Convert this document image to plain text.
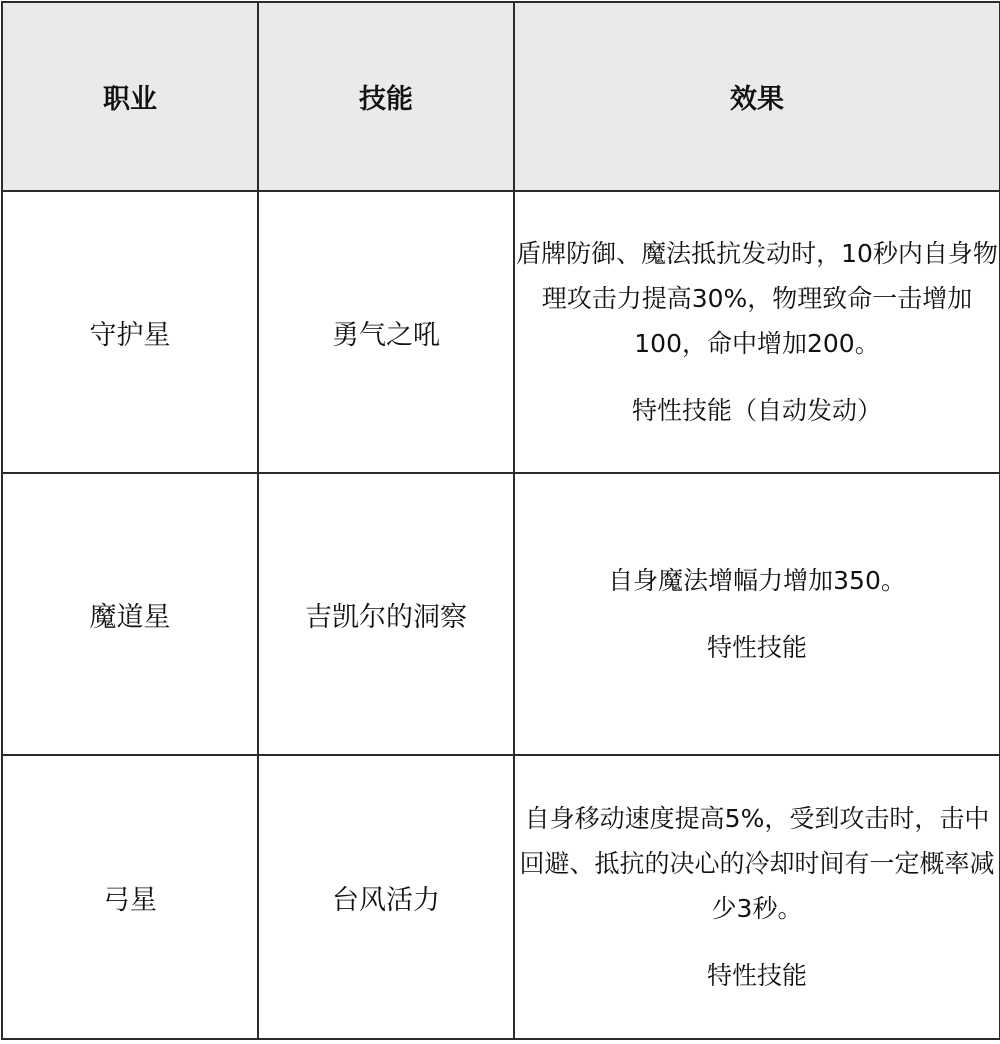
职业	技能	效果
守护星	勇气之吼	盾牌防御、魔法抵抗发动时，10秒内自身物理攻击力提高30%，物理致命一击增加100，命中增加200。
特性技能（自动发动）

魔道星	吉凯尔的洞察	自身魔法增幅力增加350。
特性技能

弓星	台风活力	自身移动速度提高5%，受到攻击时，击中回避、抵抗的决心的冷却时间有一定概率减少3秒。
特性技能
